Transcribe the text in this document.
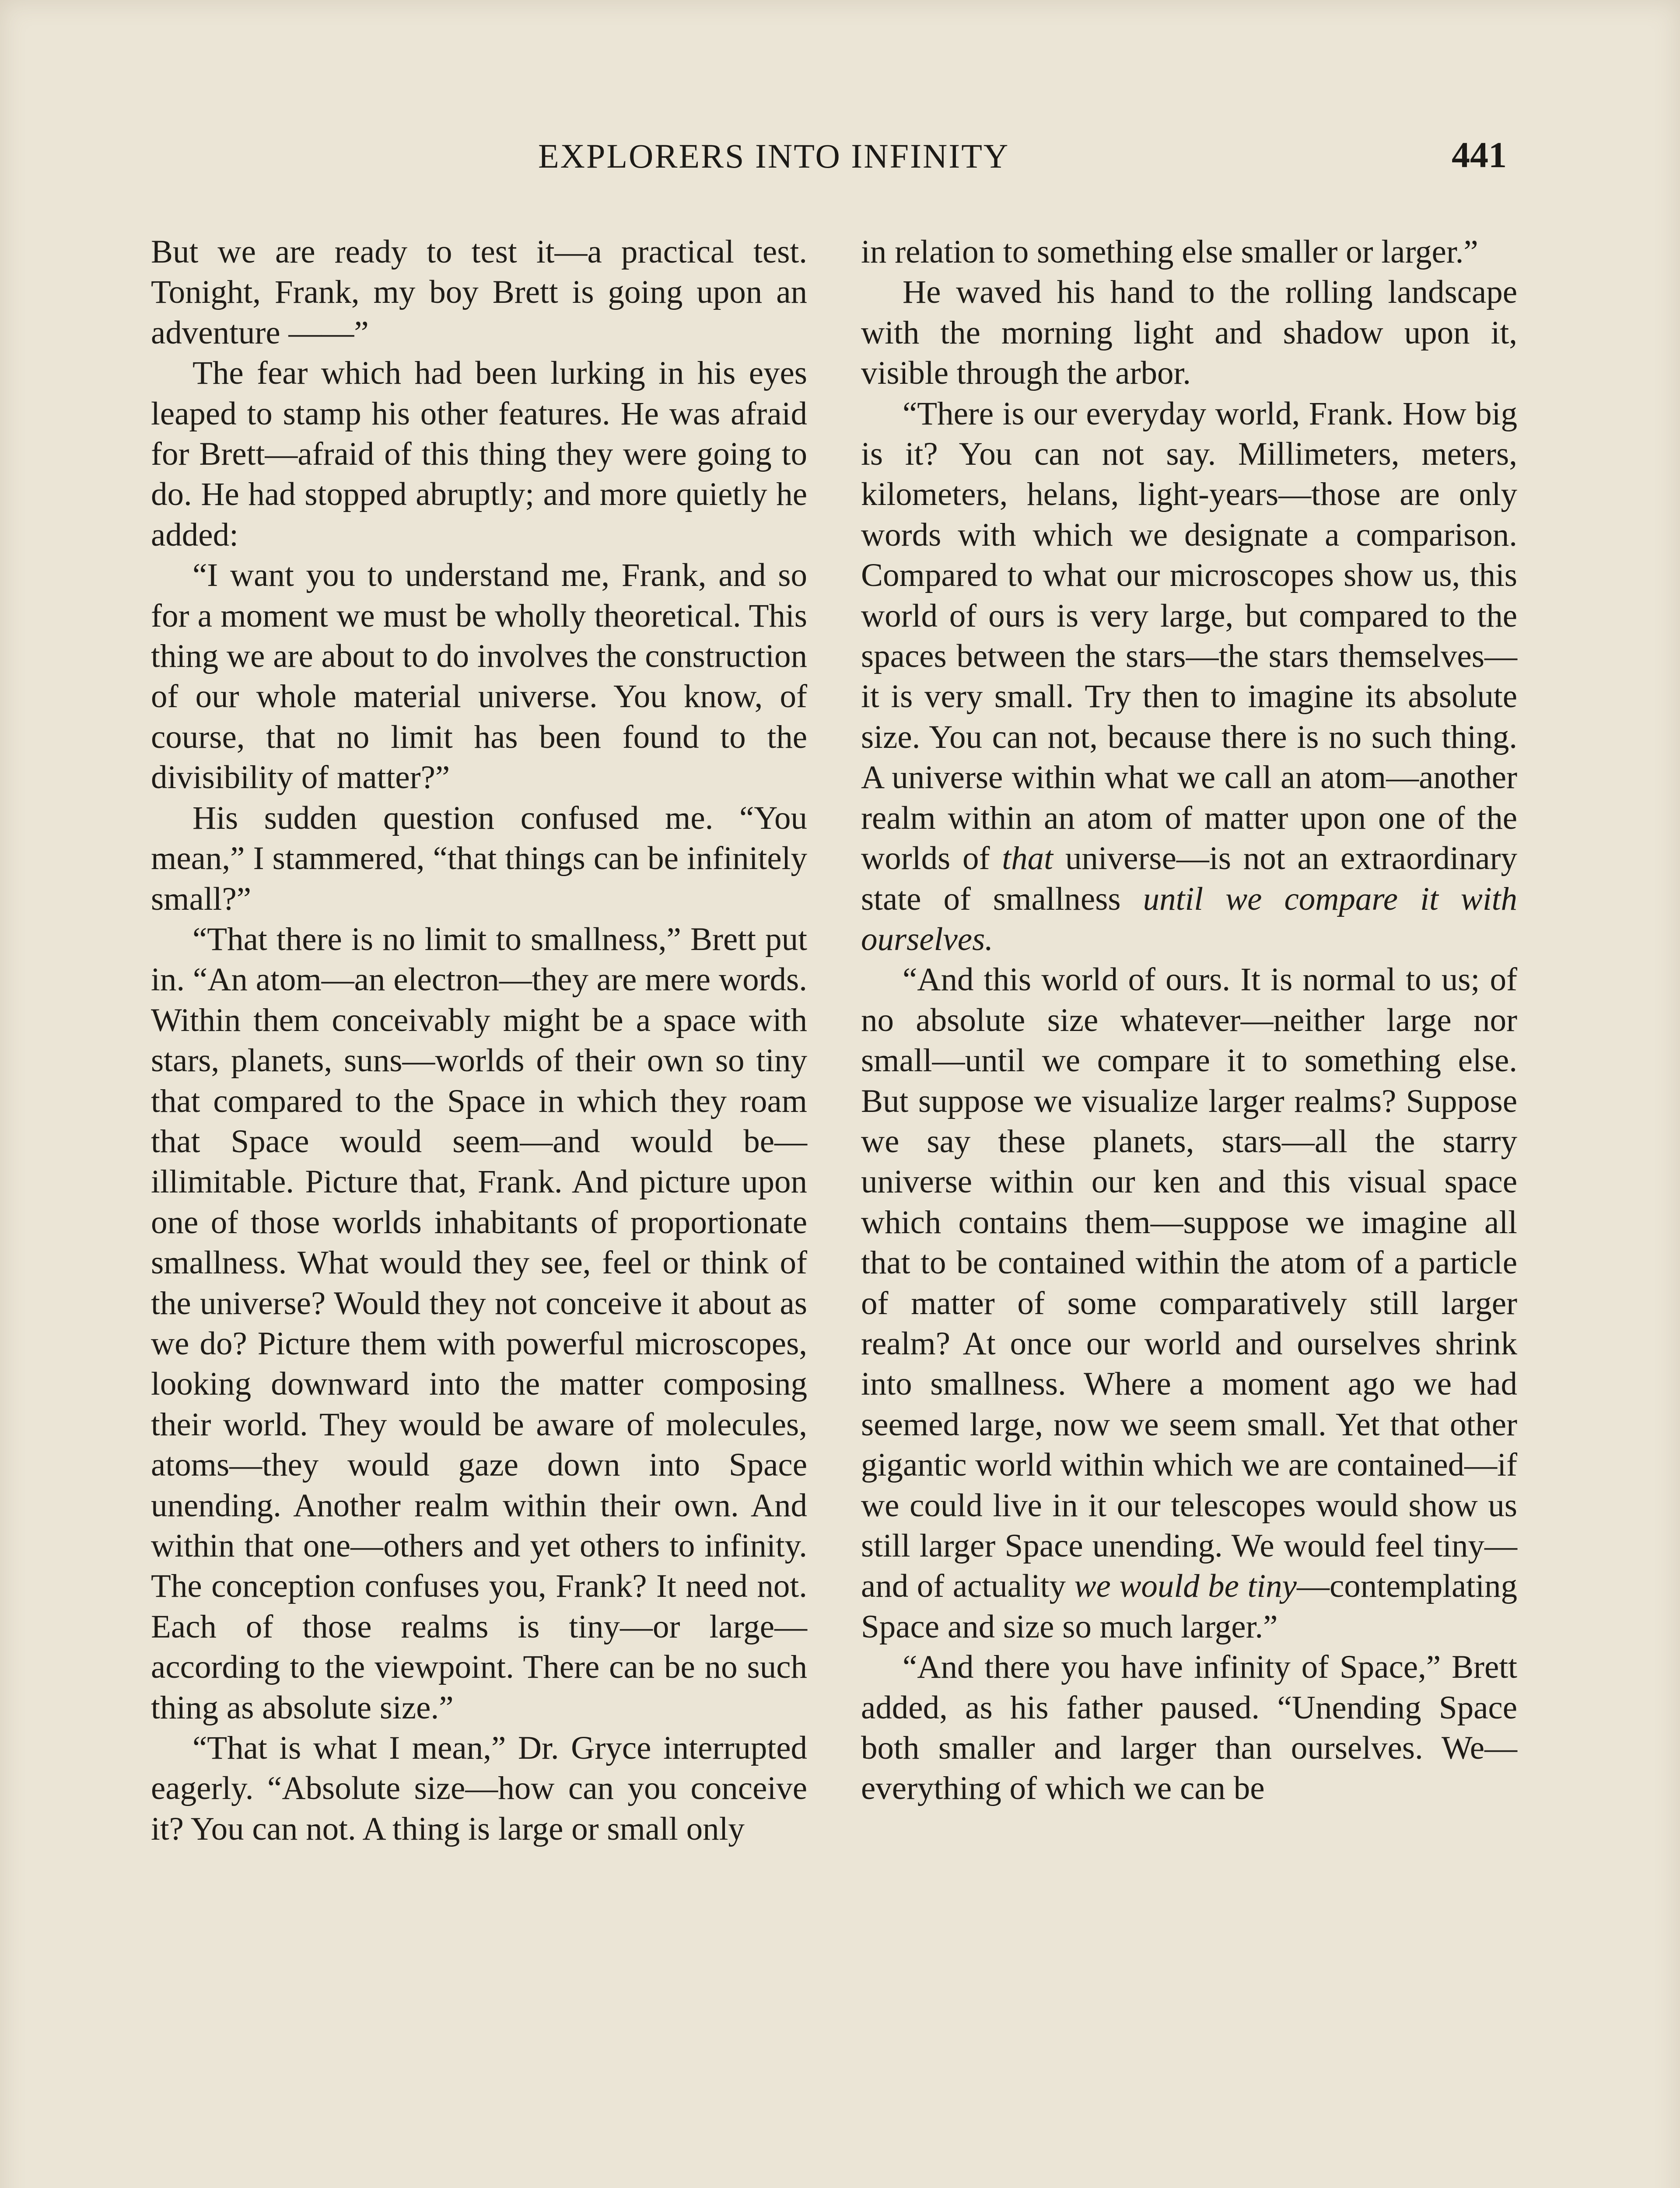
EXPLORERS INTO INFINITY	441

But we are ready to test it—a practical test. Tonight, Frank, my boy Brett is going upon an adventure ——”

The fear which had been lurking in his eyes leaped to stamp his other features. He was afraid for Brett—afraid of this thing they were going to do. He had stopped abruptly; and more quietly he added:

“I want you to understand me, Frank, and so for a moment we must be wholly theoretical. This thing we are about to do involves the construction of our whole material universe. You know, of course, that no limit has been found to the divisibility of matter?”

His sudden question confused me. “You mean,” I stammered, “that things can be infinitely small?”

“That there is no limit to smallness,” Brett put in. “An atom—an electron—they are mere words. Within them conceivably might be a space with stars, planets, suns—worlds of their own so tiny that compared to the Space in which they roam that Space would seem—and would be—illimitable. Picture that, Frank. And picture upon one of those worlds inhabitants of proportionate smallness. What would they see, feel or think of the universe? Would they not conceive it about as we do? Picture them with powerful microscopes, looking downward into the matter composing their world. They would be aware of molecules, atoms—they would gaze down into Space unending. Another realm within their own. And within that one—others and yet others to infinity. The conception confuses you, Frank? It need not. Each of those realms is tiny—or large—according to the viewpoint. There can be no such thing as absolute size.”

“That is what I mean,” Dr. Gryce interrupted eagerly. “Absolute size—how can you conceive it? You can not. A thing is large or small only

in relation to something else smaller or larger.”

He waved his hand to the rolling landscape with the morning light and shadow upon it, visible through the arbor.

“There is our everyday world, Frank. How big is it? You can not say. Millimeters, meters, kilometers, helans, light-years—those are only words with which we designate a comparison. Compared to what our microscopes show us, this world of ours is very large, but compared to the spaces between the stars—the stars themselves—it is very small. Try then to imagine its absolute size. You can not, because there is no such thing. A universe within what we call an atom—another realm within an atom of matter upon one of the worlds of that universe—is not an extraordinary state of smallness until we compare it with ourselves.

“And this world of ours. It is normal to us; of no absolute size whatever—neither large nor small—until we compare it to something else. But suppose we visualize larger realms? Suppose we say these planets, stars—all the starry universe within our ken and this visual space which contains them—suppose we imagine all that to be contained within the atom of a particle of matter of some comparatively still larger realm? At once our world and ourselves shrink into smallness. Where a moment ago we had seemed large, now we seem small. Yet that other gigantic world within which we are contained—if we could live in it our telescopes would show us still larger Space unending. We would feel tiny—and of actuality we would be tiny—contemplating Space and size so much larger.”

“And there you have infinity of Space,” Brett added, as his father paused. “Unending Space both smaller and larger than ourselves. We—everything of which we can be
